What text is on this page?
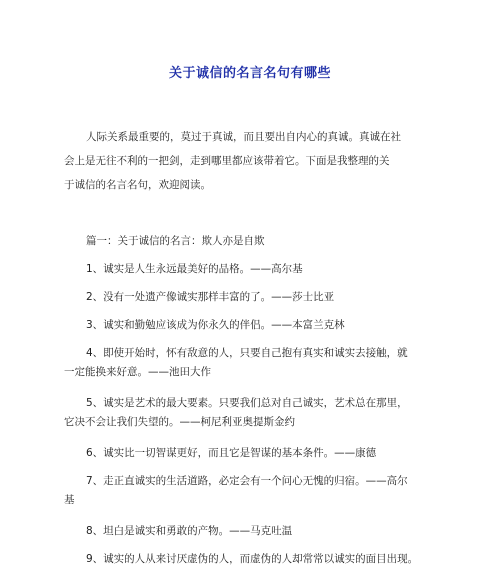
关于诚信的名言名句有哪些
人际关系最重要的，莫过于真诚，而且要出自内心的真诚。真诚在社
会上是无往不利的一把剑，走到哪里都应该带着它。下面是我整理的关
于诚信的名言名句，欢迎阅读。
篇一：关于诚信的名言：欺人亦是自欺
1、诚实是人生永远最美好的品格。——高尔基
2、没有一处遗产像诚实那样丰富的了。——莎士比亚
3、诚实和勤勉应该成为你永久的伴侣。——本富兰克林
4、即使开始时，怀有敌意的人，只要自己抱有真实和诚实去接触，就
一定能换来好意。——池田大作
5、诚实是艺术的最大要素。只要我们总对自己诚实，艺术总在那里，
它决不会让我们失望的。——柯尼利亚奥提斯金约
6、诚实比一切智谋更好，而且它是智谋的基本条件。——康德
7、走正直诚实的生活道路，必定会有一个问心无愧的归宿。——高尔
基
8、坦白是诚实和勇敢的产物。——马克吐温
9、诚实的人从来讨厌虚伪的人，而虚伪的人却常常以诚实的面目出现。
